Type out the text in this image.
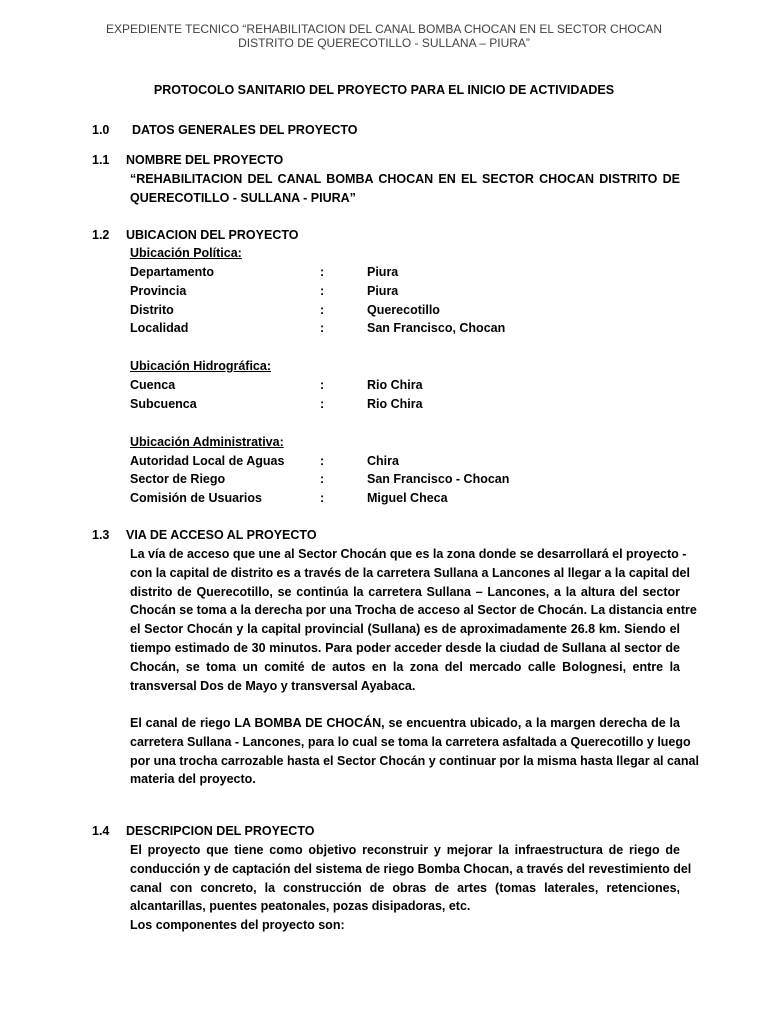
EXPEDIENTE TECNICO “REHABILITACION DEL CANAL BOMBA CHOCAN EN EL SECTOR CHOCAN
DISTRITO DE QUERECOTILLO - SULLANA – PIURA”
PROTOCOLO SANITARIO DEL PROYECTO PARA EL INICIO DE ACTIVIDADES
1.0 DATOS GENERALES DEL PROYECTO
1.1 NOMBRE DEL PROYECTO
“REHABILITACION DEL CANAL BOMBA CHOCAN EN EL SECTOR CHOCAN DISTRITO DE
QUERECOTILLO - SULLANA - PIURA”
1.2 UBICACION DEL PROYECTO
Ubicación Política:
Departamento	:	Piura
Provincia	:	Piura
Distrito	:	Querecotillo
Localidad	:	San Francisco, Chocan
Ubicación Hidrográfica:
Cuenca	:	Rio Chira
Subcuenca	:	Rio Chira
Ubicación Administrativa:
Autoridad Local de Aguas	:	Chira
Sector de Riego	:	San Francisco - Chocan
Comisión de Usuarios	:	Miguel Checa
1.3 VIA DE ACCESO AL PROYECTO
La vía de acceso que une al Sector Chocán que es la zona donde se desarrollará el proyecto -
con la capital de distrito es a través de la carretera Sullana a Lancones al llegar a la capital del
distrito de Querecotillo, se continúa la carretera Sullana – Lancones, a la altura del sector
Chocán se toma a la derecha por una Trocha de acceso al Sector de Chocán. La distancia entre
el Sector Chocán y la capital provincial (Sullana) es de aproximadamente 26.8 km. Siendo el
tiempo estimado de 30 minutos. Para poder acceder desde la ciudad de Sullana al sector de
Chocán, se toma un comité de autos en la zona del mercado calle Bolognesi, entre la
transversal Dos de Mayo y transversal Ayabaca.
El canal de riego LA BOMBA DE CHOCÁN, se encuentra ubicado, a la margen derecha de la
carretera Sullana - Lancones, para lo cual se toma la carretera asfaltada a Querecotillo y luego
por una trocha carrozable hasta el Sector Chocán y continuar por la misma hasta llegar al canal
materia del proyecto.
1.4 DESCRIPCION DEL PROYECTO
El proyecto que tiene como objetivo reconstruir y mejorar la infraestructura de riego de
conducción y de captación del sistema de riego Bomba Chocan, a través del revestimiento del
canal con concreto, la construcción de obras de artes (tomas laterales, retenciones,
alcantarillas, puentes peatonales, pozas disipadoras, etc.
Los componentes del proyecto son:
